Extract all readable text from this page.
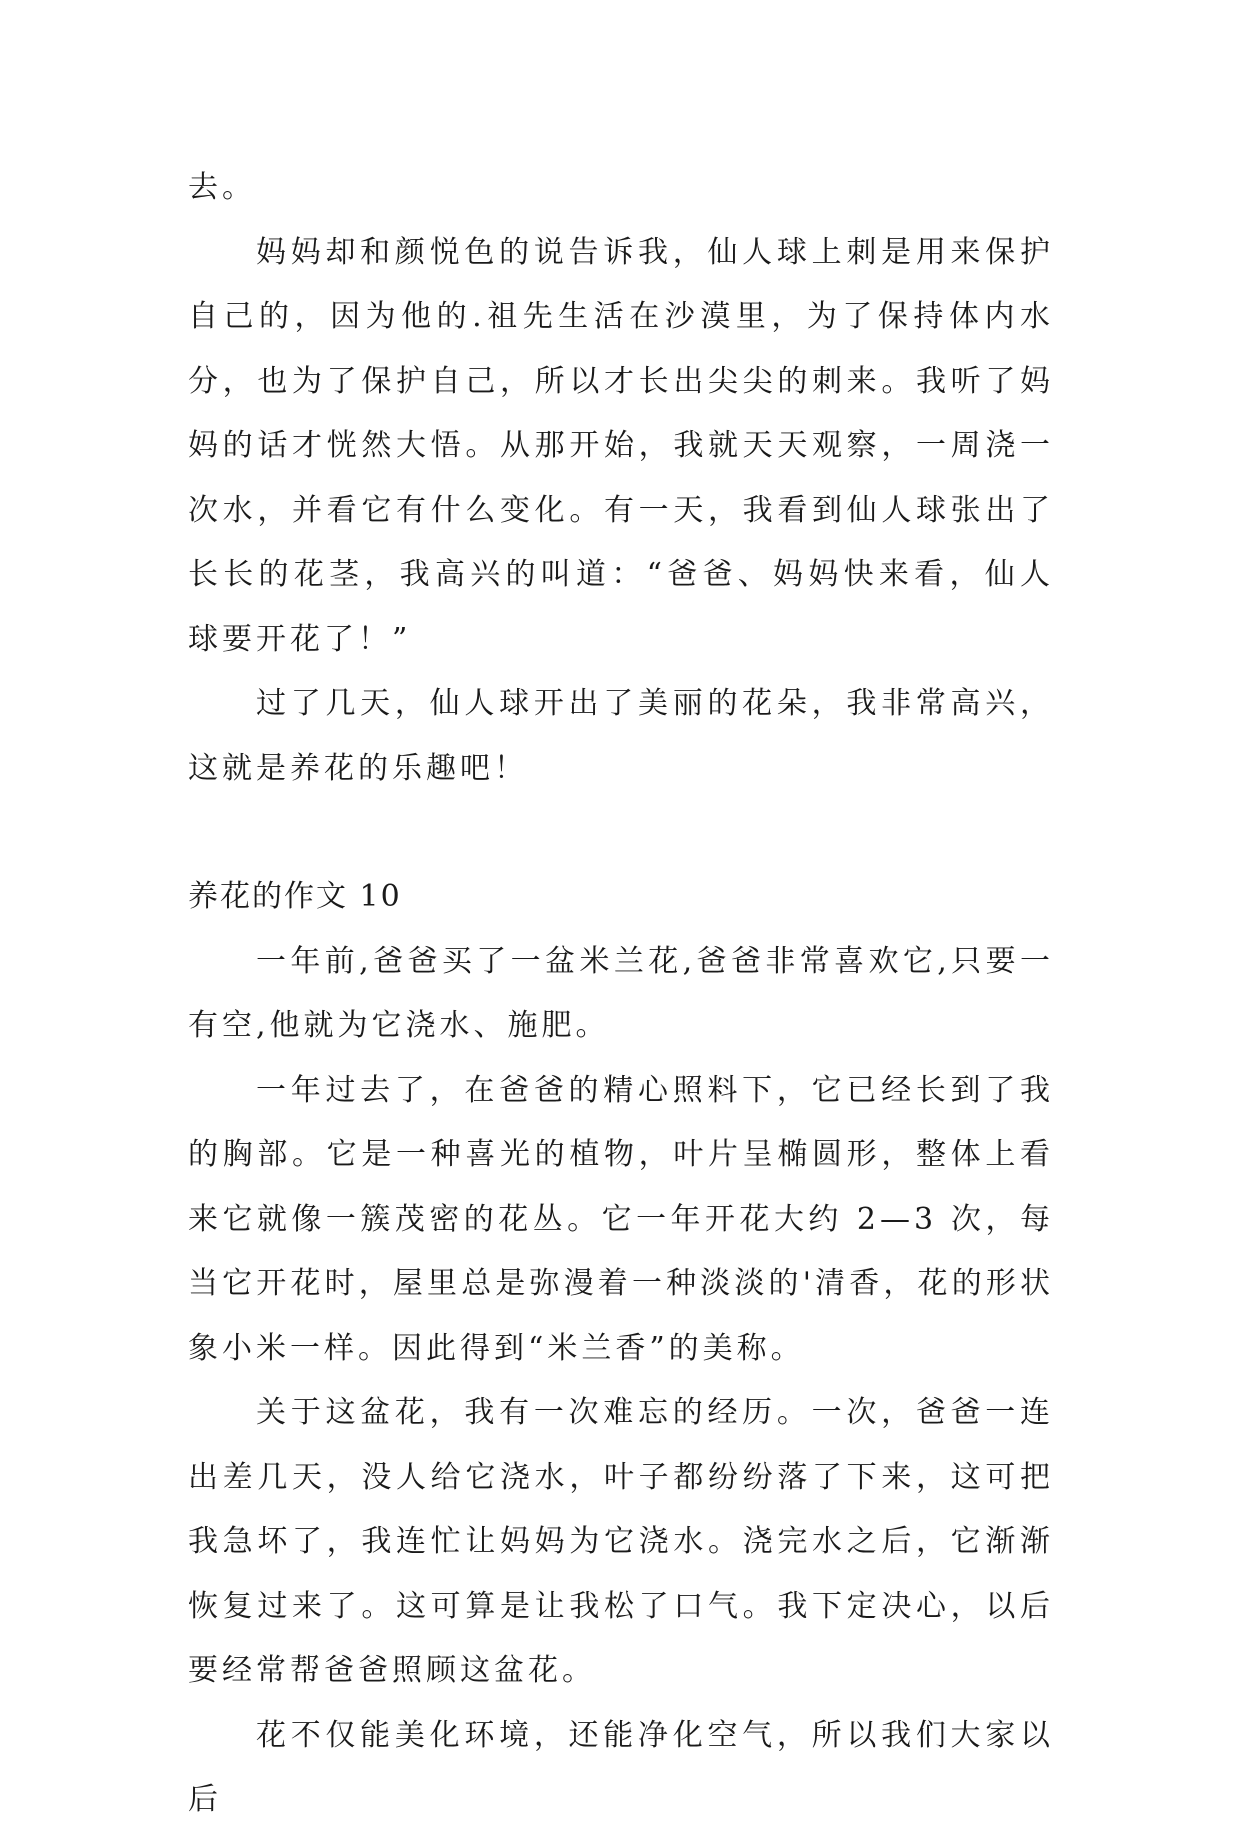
去。

妈妈却和颜悦色的说告诉我，仙人球上刺是用来保护自己的，因为他的.祖先生活在沙漠里，为了保持体内水分，也为了保护自己，所以才长出尖尖的刺来。我听了妈妈的话才恍然大悟。从那开始，我就天天观察，一周浇一次水，并看它有什么变化。有一天，我看到仙人球张出了长长的花茎，我高兴的叫道：“爸爸、妈妈快来看，仙人球要开花了！”

过了几天，仙人球开出了美丽的花朵，我非常高兴，这就是养花的乐趣吧！

养花的作文 10

一年前,爸爸买了一盆米兰花,爸爸非常喜欢它,只要一有空,他就为它浇水、施肥。

一年过去了，在爸爸的精心照料下，它已经长到了我的胸部。它是一种喜光的植物，叶片呈椭圆形，整体上看来它就像一簇茂密的花丛。它一年开花大约 2—3 次，每当它开花时，屋里总是弥漫着一种淡淡的'清香，花的形状象小米一样。因此得到“米兰香”的美称。

关于这盆花，我有一次难忘的经历。一次，爸爸一连出差几天，没人给它浇水，叶子都纷纷落了下来，这可把我急坏了，我连忙让妈妈为它浇水。浇完水之后，它渐渐恢复过来了。这可算是让我松了口气。我下定决心，以后要经常帮爸爸照顾这盆花。

花不仅能美化环境，还能净化空气，所以我们大家以后
